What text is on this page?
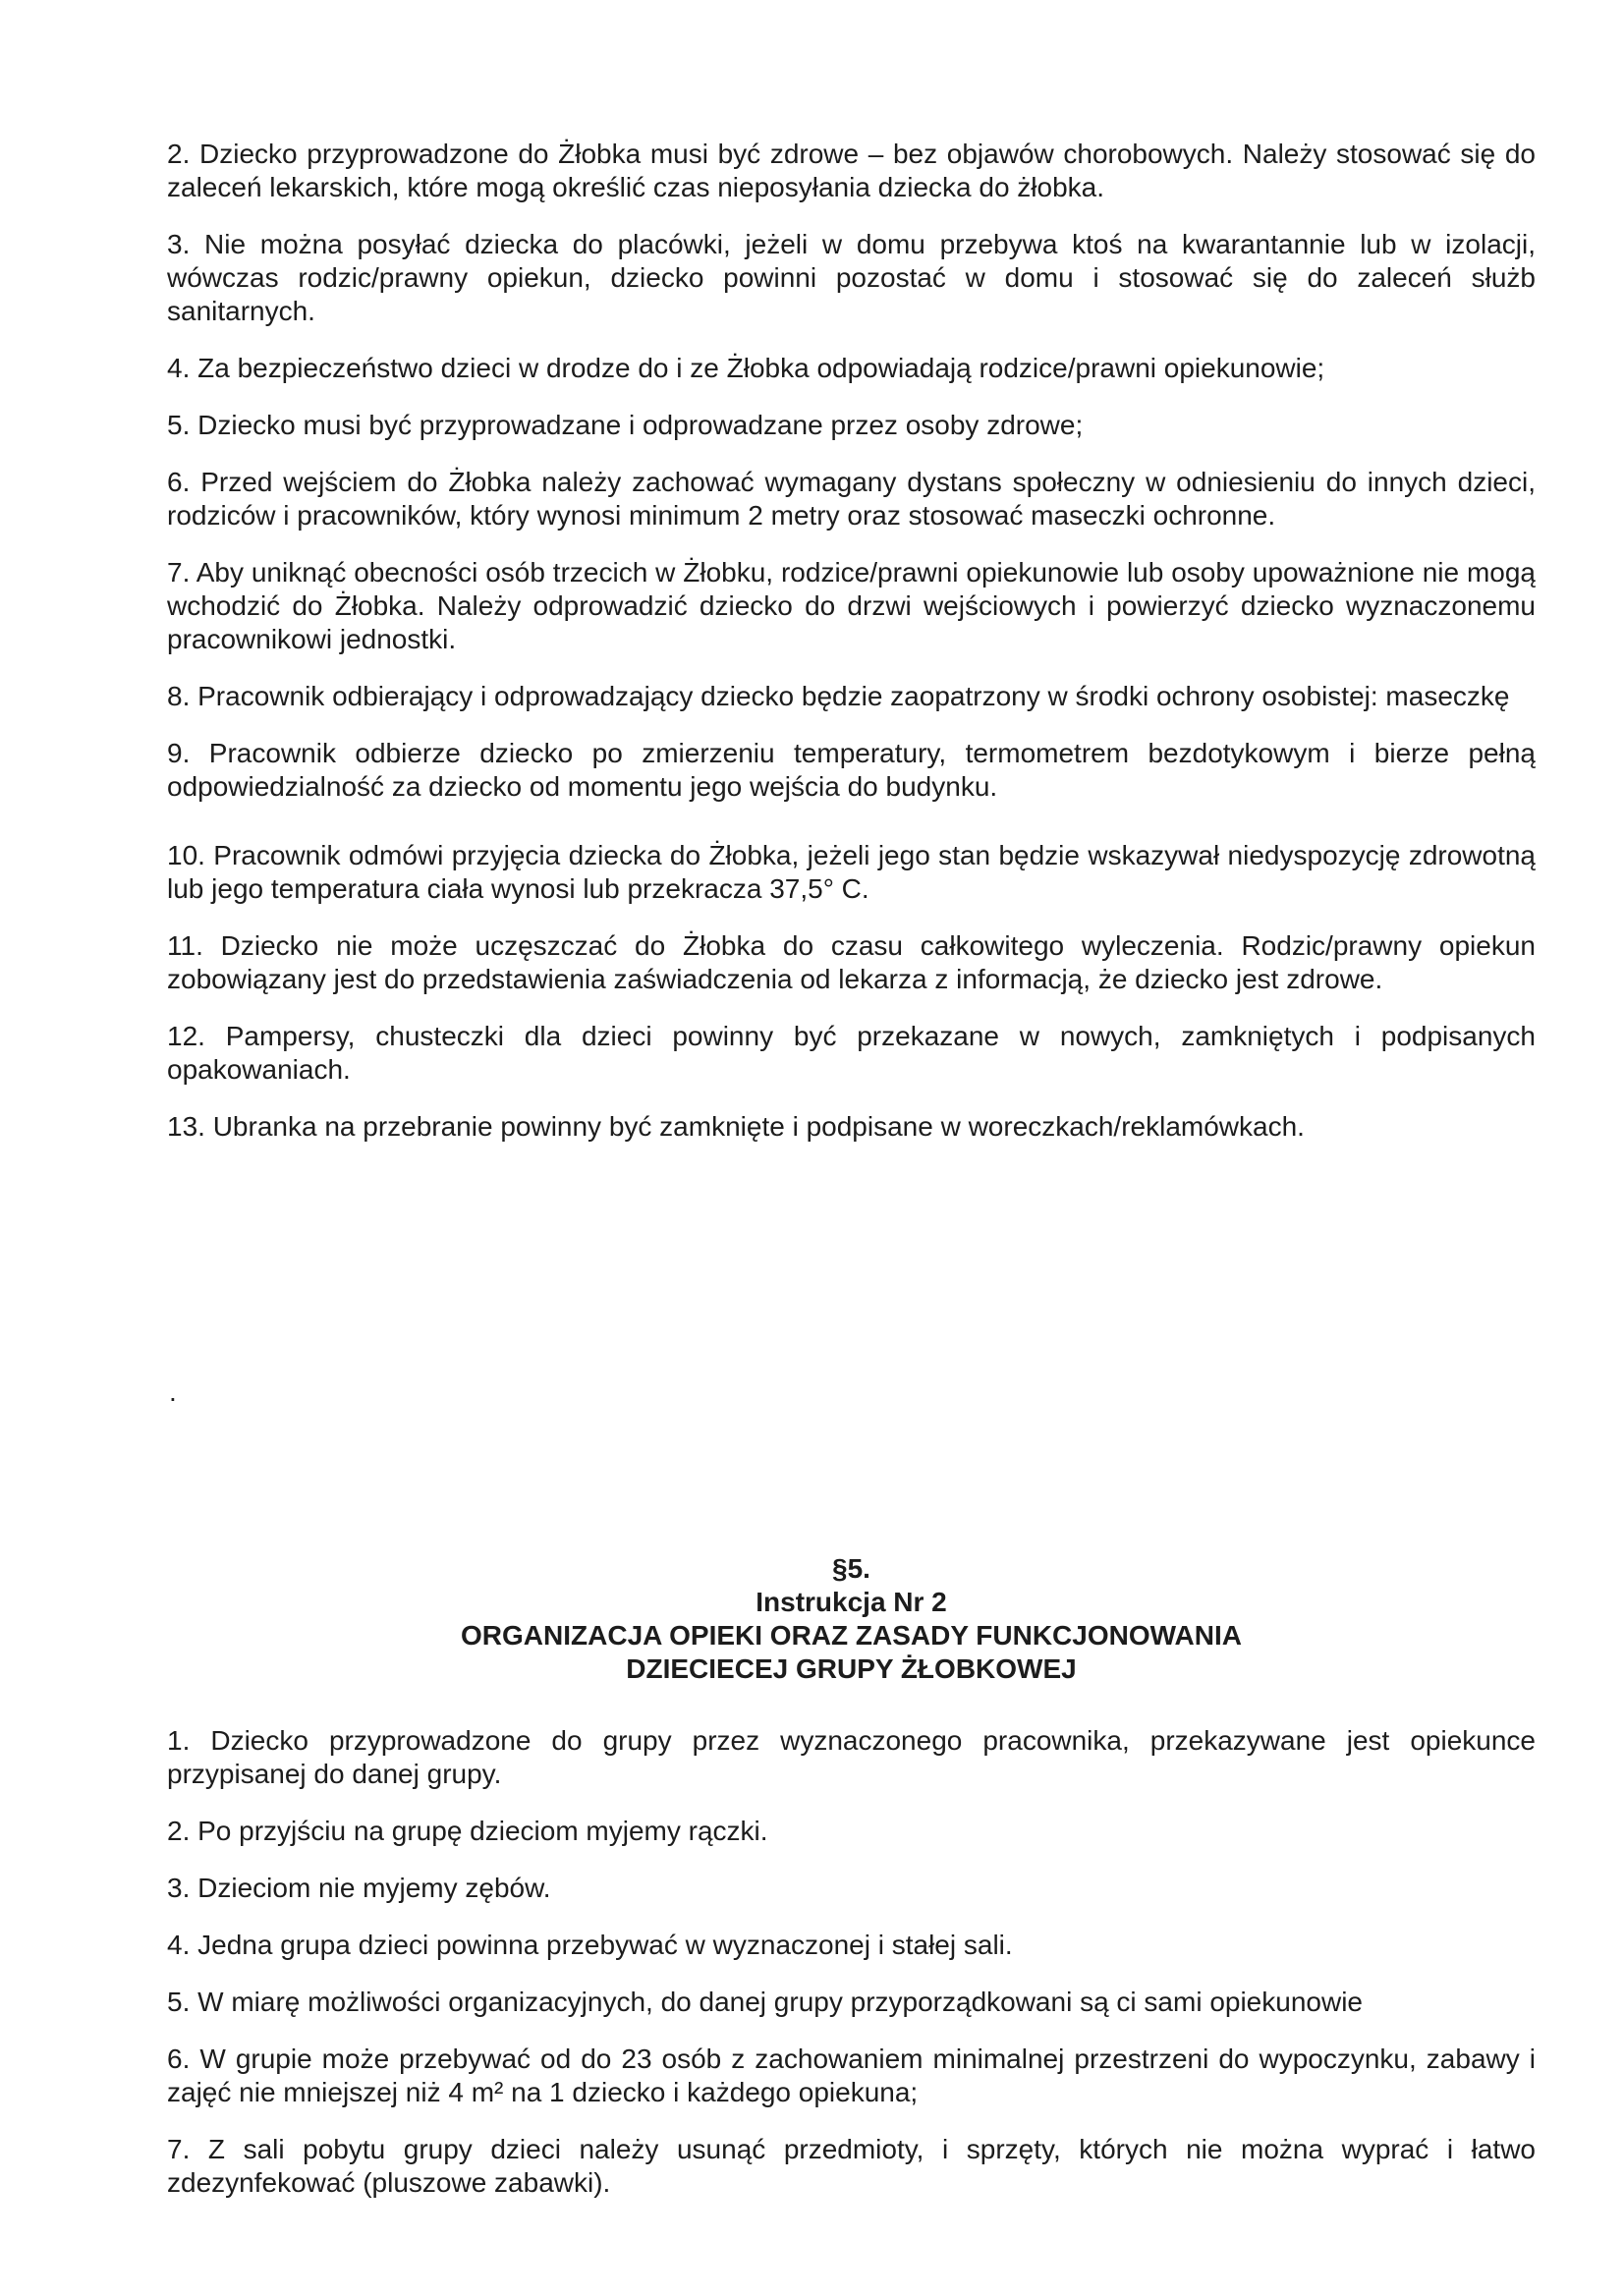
2. Dziecko przyprowadzone do Żłobka musi być zdrowe – bez objawów chorobowych. Należy stosować się do zaleceń lekarskich, które mogą określić czas nieposyłania dziecka do żłobka.

3. Nie można posyłać dziecka do placówki, jeżeli w domu przebywa ktoś na kwarantannie lub w izolacji, wówczas rodzic/prawny opiekun, dziecko powinni pozostać w domu i stosować się do zaleceń służb sanitarnych.

4. Za bezpieczeństwo dzieci w drodze do i ze Żłobka odpowiadają rodzice/prawni opiekunowie;

5. Dziecko musi być przyprowadzane i odprowadzane przez osoby zdrowe;

6. Przed wejściem do Żłobka należy zachować wymagany dystans społeczny w odniesieniu do innych dzieci, rodziców i pracowników, który wynosi minimum 2 metry oraz stosować maseczki ochronne.

7. Aby uniknąć obecności osób trzecich w Żłobku, rodzice/prawni opiekunowie lub osoby upoważnione nie mogą wchodzić do Żłobka. Należy odprowadzić dziecko do drzwi wejściowych i powierzyć dziecko wyznaczonemu pracownikowi jednostki.

8. Pracownik odbierający i odprowadzający dziecko będzie zaopatrzony w środki ochrony osobistej: maseczkę

9. Pracownik odbierze dziecko po zmierzeniu temperatury, termometrem bezdotykowym i bierze pełną odpowiedzialność za dziecko od momentu jego wejścia do budynku.

10. Pracownik odmówi przyjęcia dziecka do Żłobka, jeżeli jego stan będzie wskazywał niedyspozycję zdrowotną lub jego temperatura ciała wynosi lub przekracza 37,5° C.

11. Dziecko nie może uczęszczać do Żłobka do czasu całkowitego wyleczenia. Rodzic/prawny opiekun zobowiązany jest do przedstawienia zaświadczenia od lekarza z informacją, że dziecko jest zdrowe.

12. Pampersy, chusteczki dla dzieci powinny być przekazane w nowych, zamkniętych i podpisanych opakowaniach.

13. Ubranka na przebranie powinny być zamknięte i podpisane w woreczkach/reklamówkach.

.
§5.
Instrukcja Nr 2
ORGANIZACJA OPIEKI ORAZ ZASADY FUNKCJONOWANIA
DZIECIECEJ GRUPY ŻŁOBKOWEJ

1. Dziecko przyprowadzone do grupy przez wyznaczonego pracownika, przekazywane jest opiekunce przypisanej do danej grupy.

2. Po przyjściu na grupę dzieciom myjemy rączki.

3. Dzieciom nie myjemy zębów.

4. Jedna grupa dzieci powinna przebywać w wyznaczonej i stałej sali.

5. W miarę możliwości organizacyjnych, do danej grupy przyporządkowani są ci sami opiekunowie

6. W grupie może przebywać od do 23 osób z zachowaniem minimalnej przestrzeni do wypoczynku, zabawy i zajęć nie mniejszej niż 4 m² na 1 dziecko i każdego opiekuna;

7. Z sali pobytu grupy dzieci należy usunąć przedmioty, i sprzęty, których nie można wyprać i łatwo zdezynfekować (pluszowe zabawki).
